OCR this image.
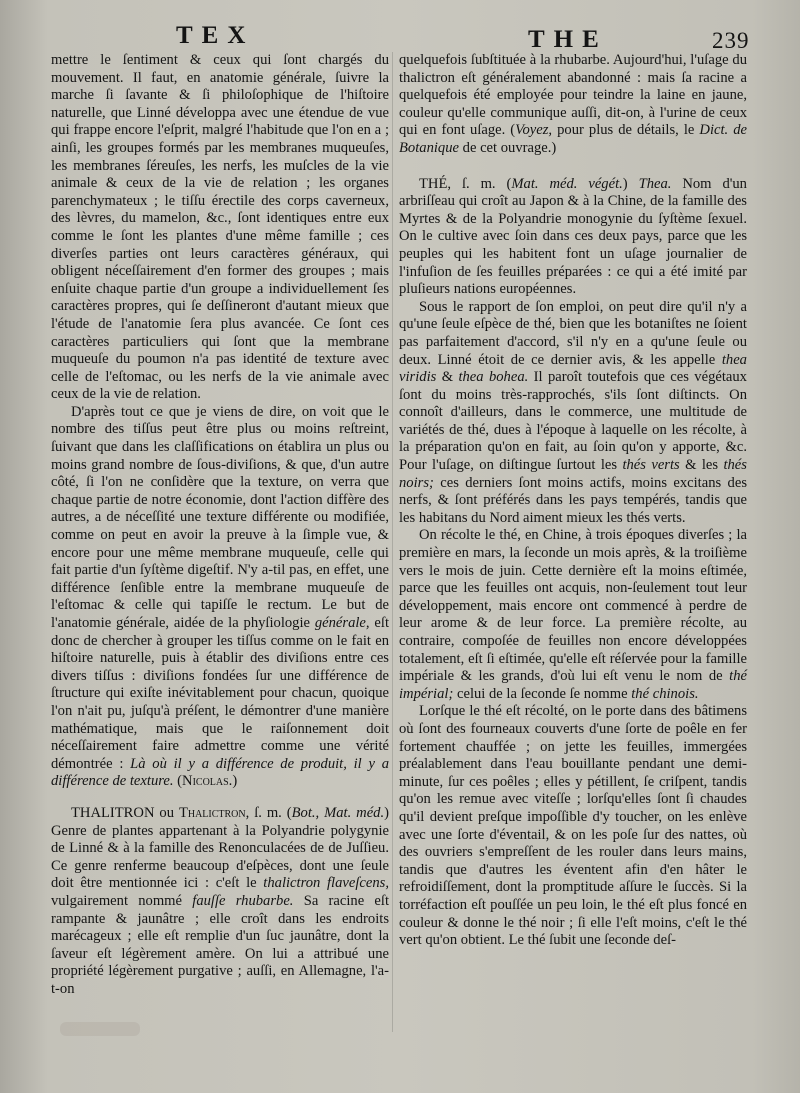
TEX	THE	239

mettre le ſentiment & ceux qui ſont chargés du mouvement. Il faut, en anatomie générale, ſuivre la marche ſi ſavante & ſi philoſophique de l'hiſtoire naturelle, que Linné développa avec une étendue de vue qui frappe encore l'eſprit, malgré l'habitude que l'on en a ; ainſi, les groupes formés par les membranes muqueuſes, les membranes ſéreuſes, les nerfs, les muſcles de la vie animale & ceux de la vie de relation ; les organes parenchymateux ; le tiſſu érectile des corps caverneux, des lèvres, du mamelon, &c., ſont identiques entre eux comme le ſont les plantes d'une même famille ; ces diverſes parties ont leurs caractères généraux, qui obligent néceſſairement d'en former des groupes ; mais enſuite chaque partie d'un groupe a individuellement ſes caractères propres, qui ſe deſſineront d'autant mieux que l'étude de l'anatomie ſera plus avancée. Ce ſont ces caractères particuliers qui ſont que la membrane muqueuſe du poumon n'a pas identité de texture avec celle de l'eſtomac, ou les nerfs de la vie animale avec ceux de la vie de relation.

D'après tout ce que je viens de dire, on voit que le nombre des tiſſus peut être plus ou moins reſtreint, ſuivant que dans les claſſifications on établira un plus ou moins grand nombre de ſous-diviſions, & que, d'un autre côté, ſi l'on ne conſidère que la texture, on verra que chaque partie de notre économie, dont l'action diffère des autres, a de néceſſité une texture différente ou modifiée, comme on peut en avoir la preuve à la ſimple vue, & encore pour une même membrane muqueuſe, celle qui fait partie d'un ſyſtème digeſtif. N'y a-til pas, en effet, une différence ſenſible entre la membrane muqueuſe de l'eſtomac & celle qui tapiſſe le rectum. Le but de l'anatomie générale, aidée de la phyſiologie générale, eſt donc de chercher à grouper les tiſſus comme on le fait en hiſtoire naturelle, puis à établir des diviſions entre ces divers tiſſus : diviſions fondées ſur une différence de ſtructure qui exiſte inévitablement pour chacun, quoique l'on n'ait pu, juſqu'à préſent, le démontrer d'une manière mathématique, mais que le raiſonnement doit néceſſairement faire admettre comme une vérité démontrée : Là où il y a différence de produit, il y a différence de texture. (Nicolas.)

THALITRON ou Thalictron, ſ. m. (Bot., Mat. méd.) Genre de plantes appartenant à la Polyandrie polygynie de Linné & à la famille des Renonculacées de de Juſſieu. Ce genre renferme beaucoup d'eſpèces, dont une ſeule doit être mentionnée ici : c'eſt le thalictron flaveſcens, vulgairement nommé fauſſe rhubarbe. Sa racine eſt rampante & jaunâtre ; elle croît dans les endroits marécageux ; elle eſt remplie d'un ſuc jaunâtre, dont la ſaveur eſt légèrement amère. On lui a attribué une propriété légèrement purgative ; auſſi, en Allemagne, l'a-t-on

quelquefois ſubſtituée à la rhubarbe. Aujourd'hui, l'uſage du thalictron eſt généralement abandonné : mais ſa racine a quelquefois été employée pour teindre la laine en jaune, couleur qu'elle communique auſſi, dit-on, à l'urine de ceux qui en font uſage. (Voyez, pour plus de détails, le Dict. de Botanique de cet ouvrage.)

THÉ, ſ. m. (Mat. méd. végét.) Thea. Nom d'un arbriſſeau qui croît au Japon & à la Chine, de la famille des Myrtes & de la Polyandrie monogynie du ſyſtème ſexuel. On le cultive avec ſoin dans ces deux pays, parce que les peuples qui les habitent font un uſage journalier de l'infuſion de ſes feuilles préparées : ce qui a été imité par pluſieurs nations européennes.

Sous le rapport de ſon emploi, on peut dire qu'il n'y a qu'une ſeule eſpèce de thé, bien que les botaniſtes ne ſoient pas parfaitement d'accord, s'il n'y en a qu'une ſeule ou deux. Linné étoit de ce dernier avis, & les appelle thea viridis & thea bohea. Il paroît toutefois que ces végétaux ſont du moins très-rapprochés, s'ils ſont diſtincts. On connoît d'ailleurs, dans le commerce, une multitude de variétés de thé, dues à l'époque à laquelle on les récolte, à la préparation qu'on en fait, au ſoin qu'on y apporte, &c. Pour l'uſage, on diſtingue ſurtout les thés verts & les thés noirs; ces derniers ſont moins actifs, moins excitans des nerfs, & ſont préférés dans les pays tempérés, tandis que les habitans du Nord aiment mieux les thés verts.

On récolte le thé, en Chine, à trois époques diverſes ; la première en mars, la ſeconde un mois après, & la troiſième vers le mois de juin. Cette dernière eſt la moins eſtimée, parce que les feuilles ont acquis, non-ſeulement tout leur développement, mais encore ont commencé à perdre de leur arome & de leur force. La première récolte, au contraire, compoſée de feuilles non encore développées totalement, eſt ſi eſtimée, qu'elle eſt réſervée pour la famille impériale & les grands, d'où lui eſt venu le nom de thé impérial; celui de la ſeconde ſe nomme thé chinois.

Lorſque le thé eſt récolté, on le porte dans des bâtimens où ſont des fourneaux couverts d'une ſorte de poêle en fer fortement chauffée ; on jette les feuilles, immergées préalablement dans l'eau bouillante pendant une demi-minute, ſur ces poêles ; elles y pétillent, ſe criſpent, tandis qu'on les remue avec viteſſe ; lorſqu'elles ſont ſi chaudes qu'il devient preſque impoſſible d'y toucher, on les enlève avec une ſorte d'éventail, & on les poſe ſur des nattes, où des ouvriers s'empreſſent de les rouler dans leurs mains, tandis que d'autres les éventent afin d'en hâter le refroidiſſement, dont la promptitude aſſure le ſuccès. Si la torréfaction eſt pouſſée un peu loin, le thé eſt plus foncé en couleur & donne le thé noir ; ſi elle l'eſt moins, c'eſt le thé vert qu'on obtient. Le thé ſubit une ſeconde deſ-
